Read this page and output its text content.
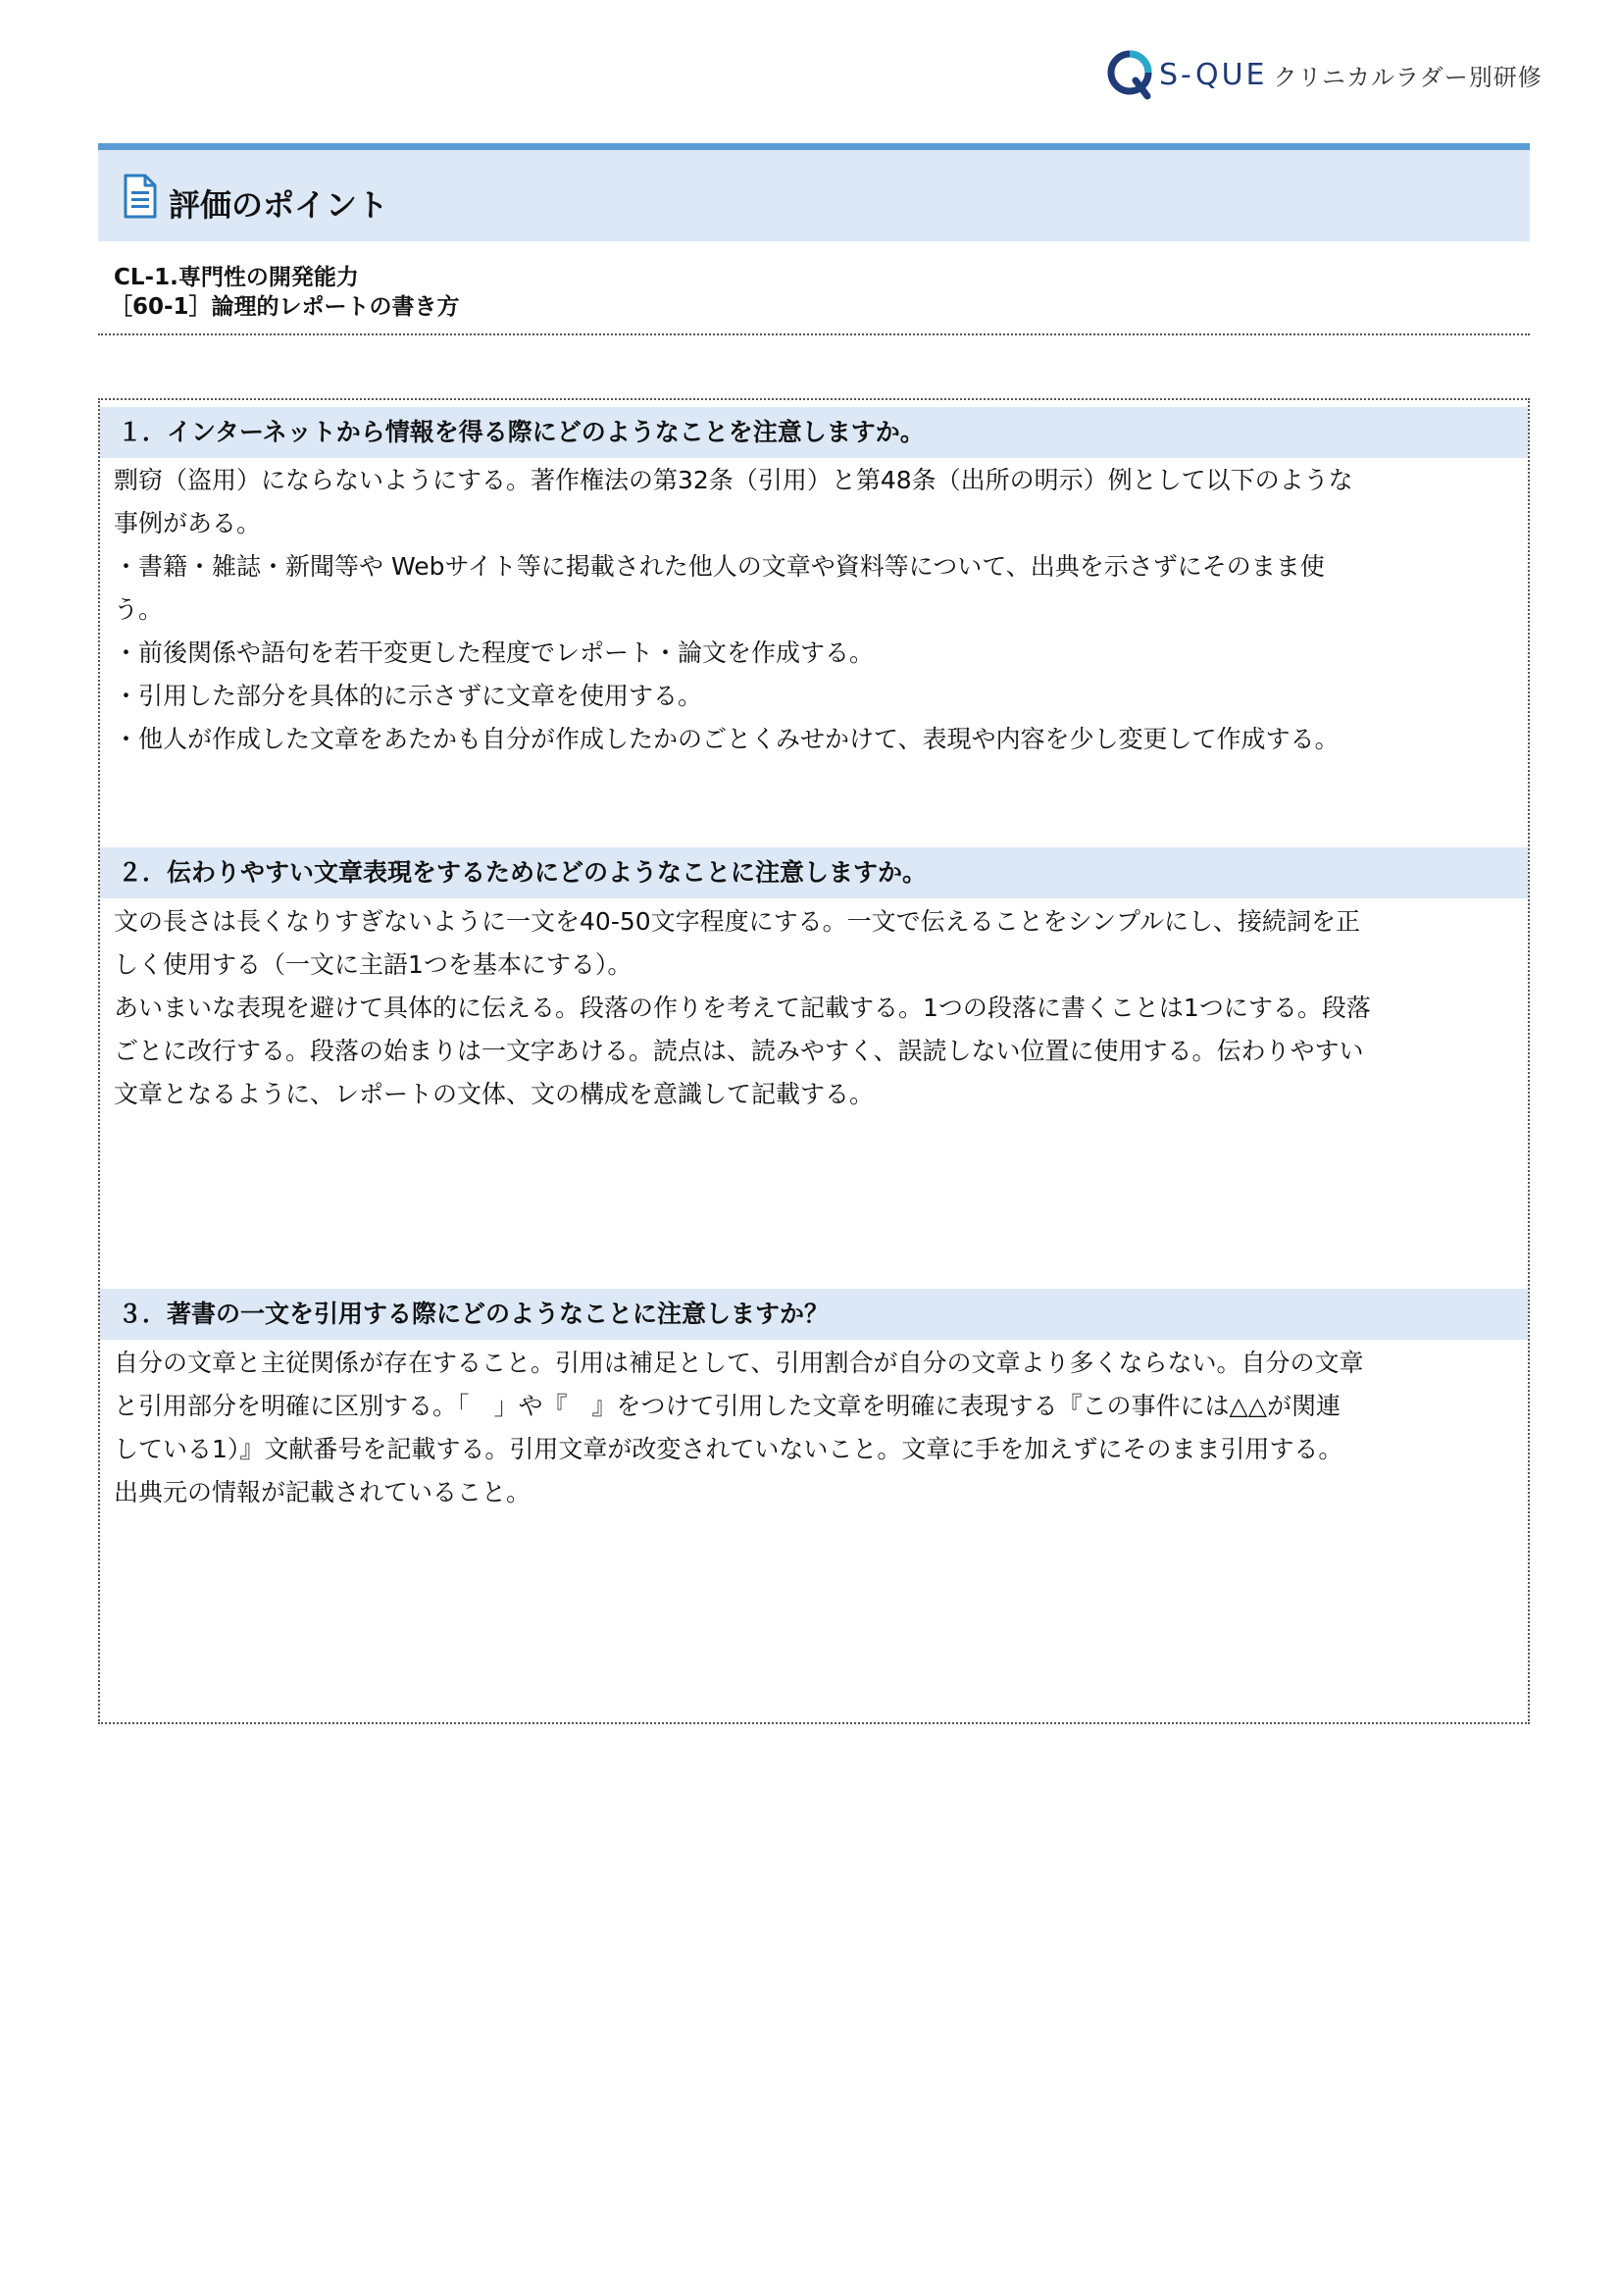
S-QUE クリニカルラダー別研修
評価のポイント
CL-1.専門性の開発能力
［60-1］論理的レポートの書き方
１．インターネットから情報を得る際にどのようなことを注意しますか。
剽窃（盗用）にならないようにする。著作権法の第32条（引用）と第48条（出所の明示）例として以下のような
事例がある。
・書籍・雑誌・新聞等や Webサイト等に掲載された他人の文章や資料等について、出典を示さずにそのまま使
う。
・前後関係や語句を若干変更した程度でレポート・論文を作成する。
・引用した部分を具体的に示さずに文章を使用する。
・他人が作成した文章をあたかも自分が作成したかのごとくみせかけて、表現や内容を少し変更して作成する。
２．伝わりやすい文章表現をするためにどのようなことに注意しますか。
文の長さは長くなりすぎないように一文を40-50文字程度にする。一文で伝えることをシンプルにし、接続詞を正
しく使用する（一文に主語1つを基本にする）。
あいまいな表現を避けて具体的に伝える。段落の作りを考えて記載する。1つの段落に書くことは1つにする。段落
ごとに改行する。段落の始まりは一文字あける。読点は、読みやすく、誤読しない位置に使用する。伝わりやすい
文章となるように、レポートの文体、文の構成を意識して記載する。
３．著書の一文を引用する際にどのようなことに注意しますか？
自分の文章と主従関係が存在すること。引用は補足として、引用割合が自分の文章より多くならない。自分の文章
と引用部分を明確に区別する。「　」や『　』をつけて引用した文章を明確に表現する『この事件には△△が関連
している1）』文献番号を記載する。引用文章が改変されていないこと。文章に手を加えずにそのまま引用する。
出典元の情報が記載されていること。
